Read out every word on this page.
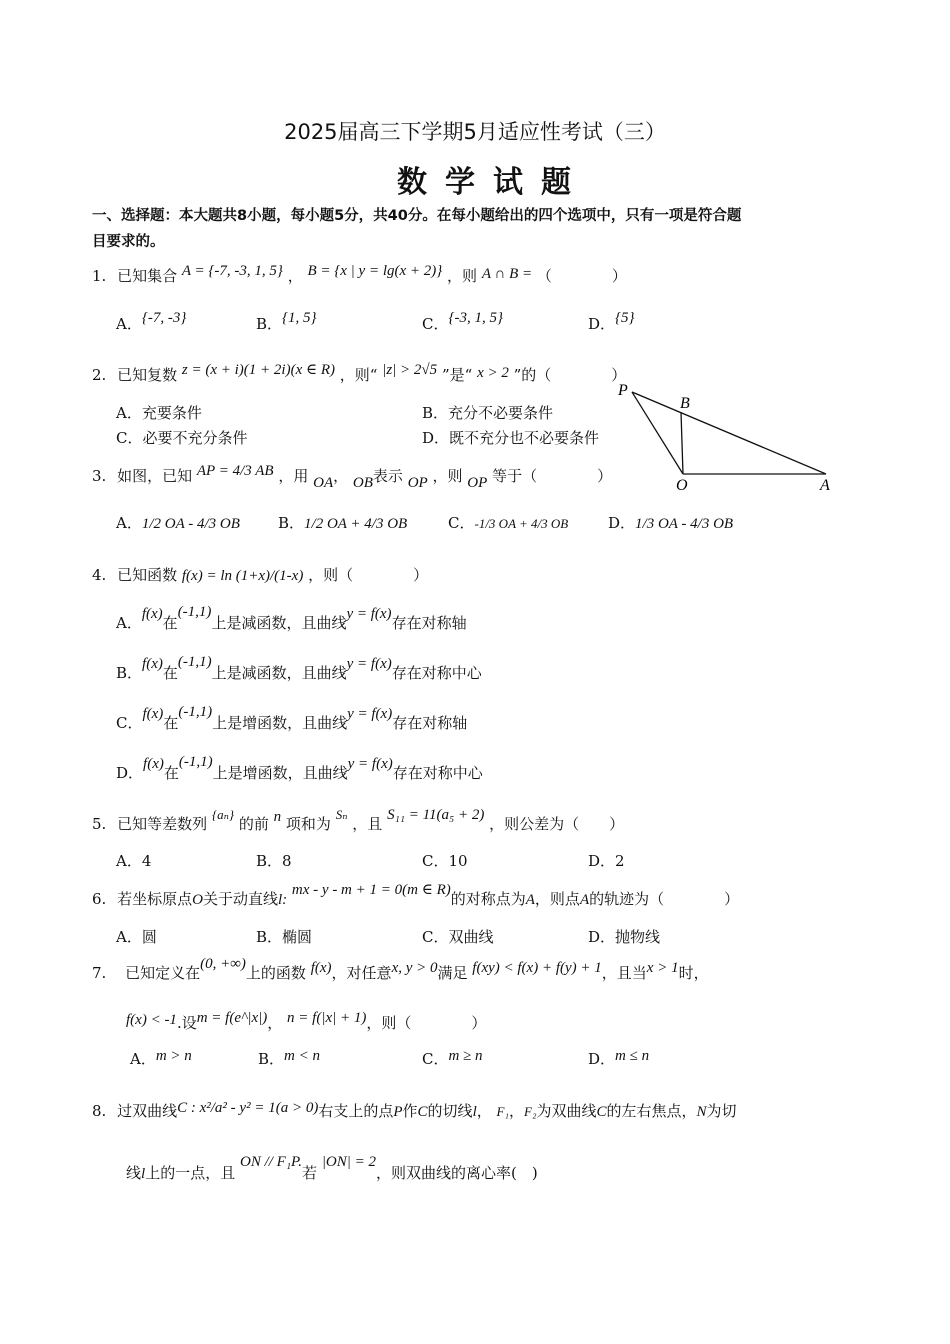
2025届高三下学期5月适应性考试（三）
数学试题
一、选择题：本大题共8小题，每小题5分，共40分。在每小题给出的四个选项中，只有一项是符合题
目要求的。
1. 已知集合 A = {-7, -3, 1, 5} ， B = {x | y = lg(x + 2)} ，则 A ∩ B = （　　　　）
A．{-7, -3}	B．{1, 5}	C．{-3, 1, 5}	D．{5}
2. 已知复数 z = (x + i)(1 + 2i)(x ∈ R) ，则“ |z| > 2√5 ”是“ x > 2 ”的（　　　　）
A．充要条件	B．充分不必要条件
C．必要不充分条件	D．既不充分也不必要条件
P
B
O	A
3. 如图，已知 AP = 4/3 AB ，用 OA， OB表示 OP ，则 OP 等于（　　　　）
A．1/2 OA - 4/3 OB	B．1/2 OA + 4/3 OB	C．-1/3 OA + 4/3 OB	D．1/3 OA - 4/3 OB
4. 已知函数 f(x) = ln (1+x)/(1-x) ，则（　　　　）
A．f(x)在(-1,1)上是减函数，且曲线y = f(x)存在对称轴
B．f(x)在(-1,1)上是减函数，且曲线y = f(x)存在对称中心
C．f(x)在(-1,1)上是增函数，且曲线y = f(x)存在对称轴
D．f(x)在(-1,1)上是增函数，且曲线y = f(x)存在对称中心
5. 已知等差数列 {aₙ} 的前 n 项和为 Sₙ ，且 S₁₁ = 11(a₅ + 2) ，则公差为（　　）
A．4	B．8	C．10	D．2
6. 若坐标原点O关于动直线l: mx - y - m + 1 = 0(m ∈ R)的对称点为A，则点A的轨迹为（　　　　）
A．圆	B．椭圆	C．双曲线	D．抛物线
7. 已知定义在(0, +∞)上的函数 f(x)，对任意x, y > 0满足 f(xy) < f(x) + f(y) + 1，且当x > 1时，
f(x) < -1.设m = f(e^|x|)， n = f(|x| + 1)，则（　　　　）
A．m > n	B．m < n	C．m ≥ n	D．m ≤ n
8. 过双曲线C : x²/a² - y² = 1(a > 0)右支上的点P作C的切线l， F₁，F₂为双曲线C的左右焦点，N为切
线l上的一点，且 ON // F₁P.若 |ON| = 2，则双曲线的离心率(　)
